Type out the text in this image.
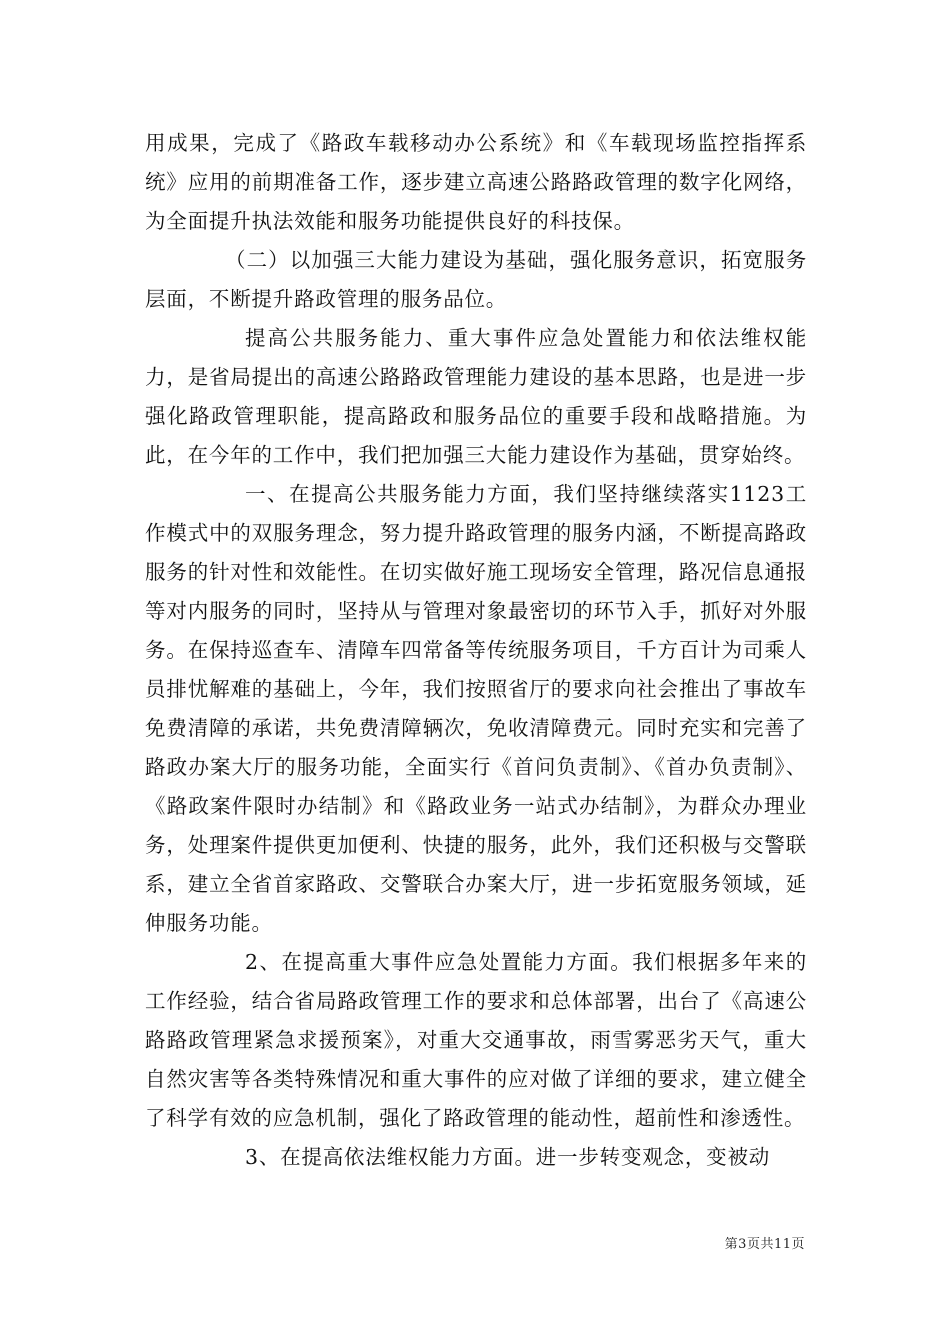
用成果，完成了《路政车载移动办公系统》和《车载现场监控指挥系统》应用的前期准备工作，逐步建立高速公路路政管理的数字化网络，为全面提升执法效能和服务功能提供良好的科技保。

（二）以加强三大能力建设为基础，强化服务意识，拓宽服务层面，不断提升路政管理的服务品位。

提高公共服务能力、重大事件应急处置能力和依法维权能力，是省局提出的高速公路路政管理能力建设的基本思路，也是进一步强化路政管理职能，提高路政和服务品位的重要手段和战略措施。为此，在今年的工作中，我们把加强三大能力建设作为基础，贯穿始终。

一、在提高公共服务能力方面，我们坚持继续落实1123工作模式中的双服务理念，努力提升路政管理的服务内涵，不断提高路政服务的针对性和效能性。在切实做好施工现场安全管理，路况信息通报等对内服务的同时，坚持从与管理对象最密切的环节入手，抓好对外服务。在保持巡查车、清障车四常备等传统服务项目，千方百计为司乘人员排忧解难的基础上，今年，我们按照省厅的要求向社会推出了事故车免费清障的承诺，共免费清障辆次，免收清障费元。同时充实和完善了路政办案大厅的服务功能，全面实行《首问负责制》、《首办负责制》、《路政案件限时办结制》和《路政业务一站式办结制》，为群众办理业务，处理案件提供更加便利、快捷的服务，此外，我们还积极与交警联系，建立全省首家路政、交警联合办案大厅，进一步拓宽服务领域，延伸服务功能。

2、在提高重大事件应急处置能力方面。我们根据多年来的工作经验，结合省局路政管理工作的要求和总体部署，出台了《高速公路路政管理紧急求援预案》，对重大交通事故，雨雪雾恶劣天气，重大自然灾害等各类特殊情况和重大事件的应对做了详细的要求，建立健全了科学有效的应急机制，强化了路政管理的能动性，超前性和渗透性。

3、在提高依法维权能力方面。进一步转变观念，变被动

第3页共11页
